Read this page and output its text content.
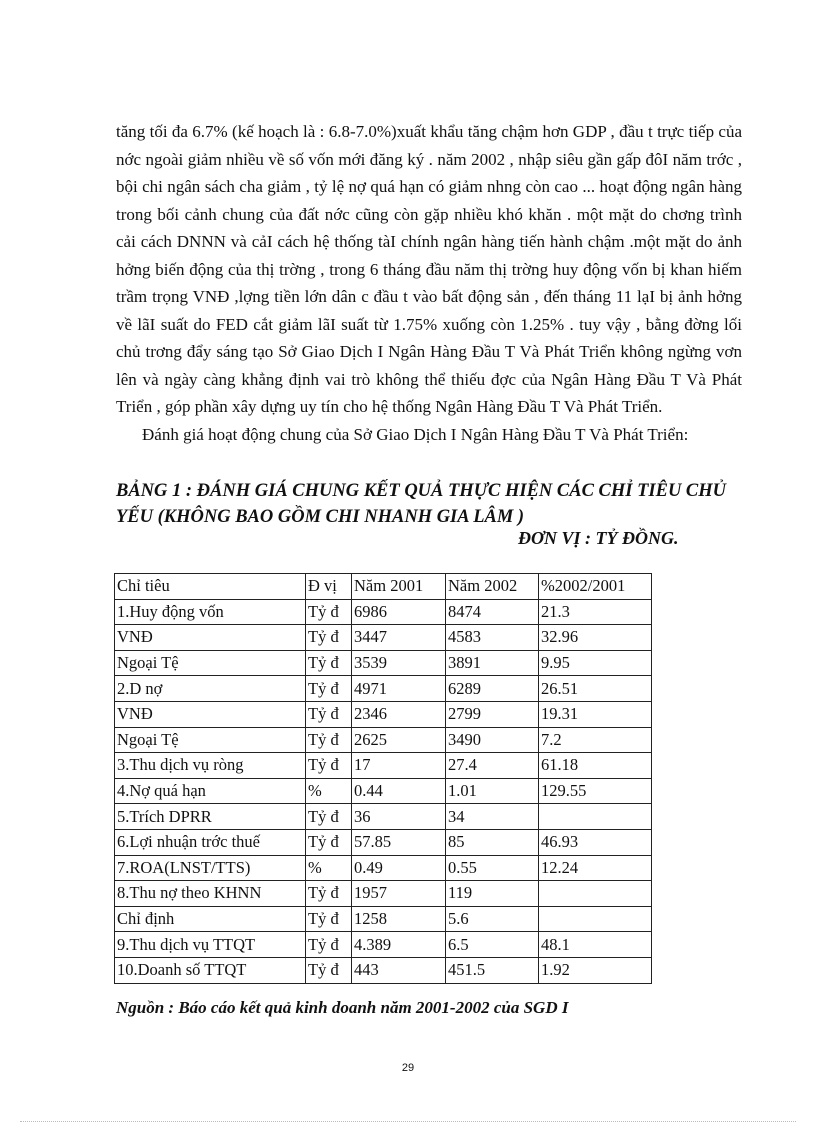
tăng tối đa 6.7% (kế hoạch là : 6.8-7.0%)xuất khẩu tăng chậm hơn GDP , đầu t trực tiếp của nớc ngoài giảm nhiều về số vốn mới đăng ký . năm 2002 , nhập siêu gần gấp đôI năm trớc , bội chi ngân sách cha giảm , tỷ lệ nợ quá hạn có giảm nhng còn cao ... hoạt động ngân hàng trong bối cảnh chung của đất nớc cũng còn gặp nhiều khó khăn . một mặt do chơng trình cải cách DNNN và cảI cách hệ thống tàI chính ngân hàng tiến hành chậm .một mặt do ảnh hởng biến động của thị trờng , trong 6 tháng đầu năm thị trờng huy động vốn bị khan hiếm trầm trọng VNĐ ,lợng tiền lớn dân c đầu t vào bất động sản , đến tháng 11 lạI bị ảnh hởng về lãI suất do FED cắt giảm lãI suất từ 1.75% xuống còn 1.25% . tuy vậy , bằng đờng lối chủ trơng đẩy sáng tạo Sở Giao Dịch I Ngân Hàng Đầu T Và Phát Triển không ngừng vơn lên và ngày càng khẳng định vai trò không thể thiếu đợc của Ngân Hàng Đầu T Và Phát Triển , góp phần xây dựng uy tín cho hệ thống Ngân Hàng Đầu T Và Phát Triển.

Đánh giá hoạt động chung của Sở Giao Dịch I Ngân Hàng Đầu T Và Phát Triển:

BẢNG 1 : ĐÁNH GIÁ CHUNG KẾT QUẢ THỰC HIỆN CÁC CHỈ TIÊU CHỦ YẾU (KHÔNG BAO GỒM CHI NHANH GIA LÂM )
ĐƠN VỊ : TỶ ĐỒNG.
Chỉ tiêu	Đ vị	Năm 2001	Năm 2002	%2002/2001
1.Huy động vốn	Tỷ đ	6986	8474	21.3
VNĐ	Tỷ đ	3447	4583	32.96
Ngoại Tệ	Tỷ đ	3539	3891	9.95
2.D nợ	Tỷ đ	4971	6289	26.51
VNĐ	Tỷ đ	2346	2799	19.31
Ngoại Tệ	Tỷ đ	2625	3490	7.2
3.Thu dịch vụ ròng	Tỷ đ	17	27.4	61.18
4.Nợ quá hạn	%	0.44	1.01	129.55
5.Trích DPRR	Tỷ đ	36	34	
6.Lợi nhuận trớc thuế	Tỷ đ	57.85	85	46.93
7.ROA(LNST/TTS)	%	0.49	0.55	12.24
8.Thu nợ theo KHNN	Tỷ đ	1957	119	
Chỉ định	Tỷ đ	1258	5.6	
9.Thu dịch vụ TTQT	Tỷ đ	4.389	6.5	48.1
10.Doanh số TTQT	Tỷ đ	443	451.5	1.92
Nguồn : Báo cáo kết quả kinh doanh năm 2001-2002 của SGD I
29
